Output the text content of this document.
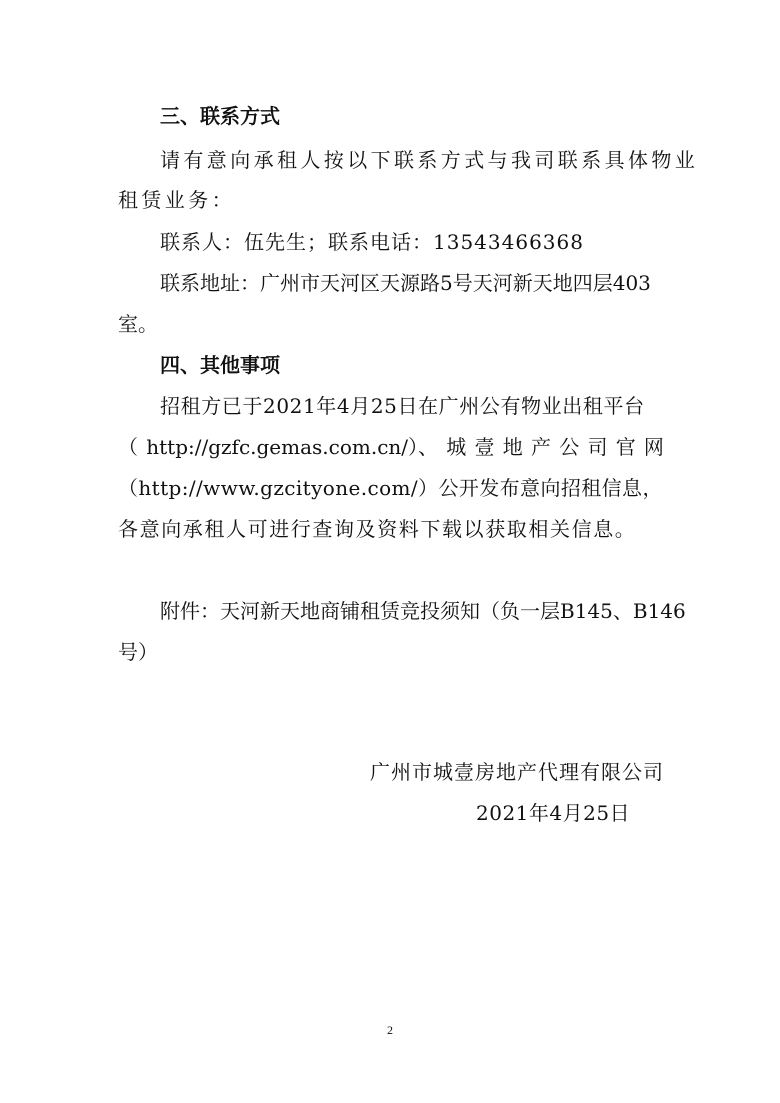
三、联系方式
请有意向承租人按以下联系方式与我司联系具体物业
租赁业务：
联系人：伍先生；联系电话：13543466368
联系地址：广州市天河区天源路5号天河新天地四层403
室。
四、其他事项
招租方已于2021年4月25日在广州公有物业出租平台
（ http://gzfc.gemas.com.cn/）、 城 壹 地 产 公 司 官 网
（http://www.gzcityone.com/）公开发布意向招租信息，
各意向承租人可进行查询及资料下载以获取相关信息。
附件：天河新天地商铺租赁竞投须知（负一层B145、B146
号）
广州市城壹房地产代理有限公司
2021年4月25日
2
